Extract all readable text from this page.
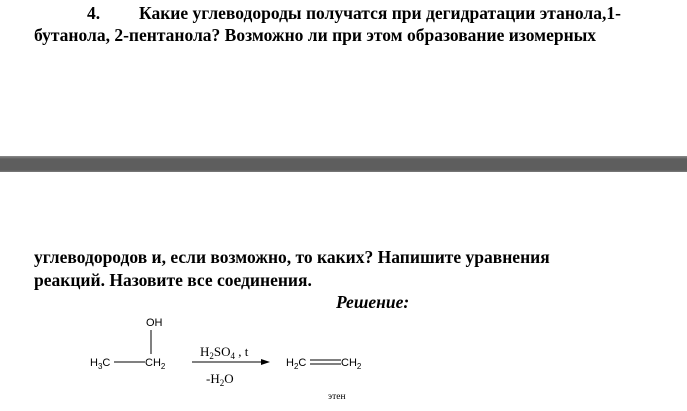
4. Какие углеводороды получатся при дегидратации этанола,1-
бутанола, 2-пентанола? Возможно ли при этом образование изомерных
углеводородов и, если возможно, то каких? Напишите уравнения
реакций. Назовите все соединения.
Решение:
OH
$H_3C$	$CH_2$
$H_2SO_4$ , t
$-H_2O$
$H_2C$	$CH_2$
этен
